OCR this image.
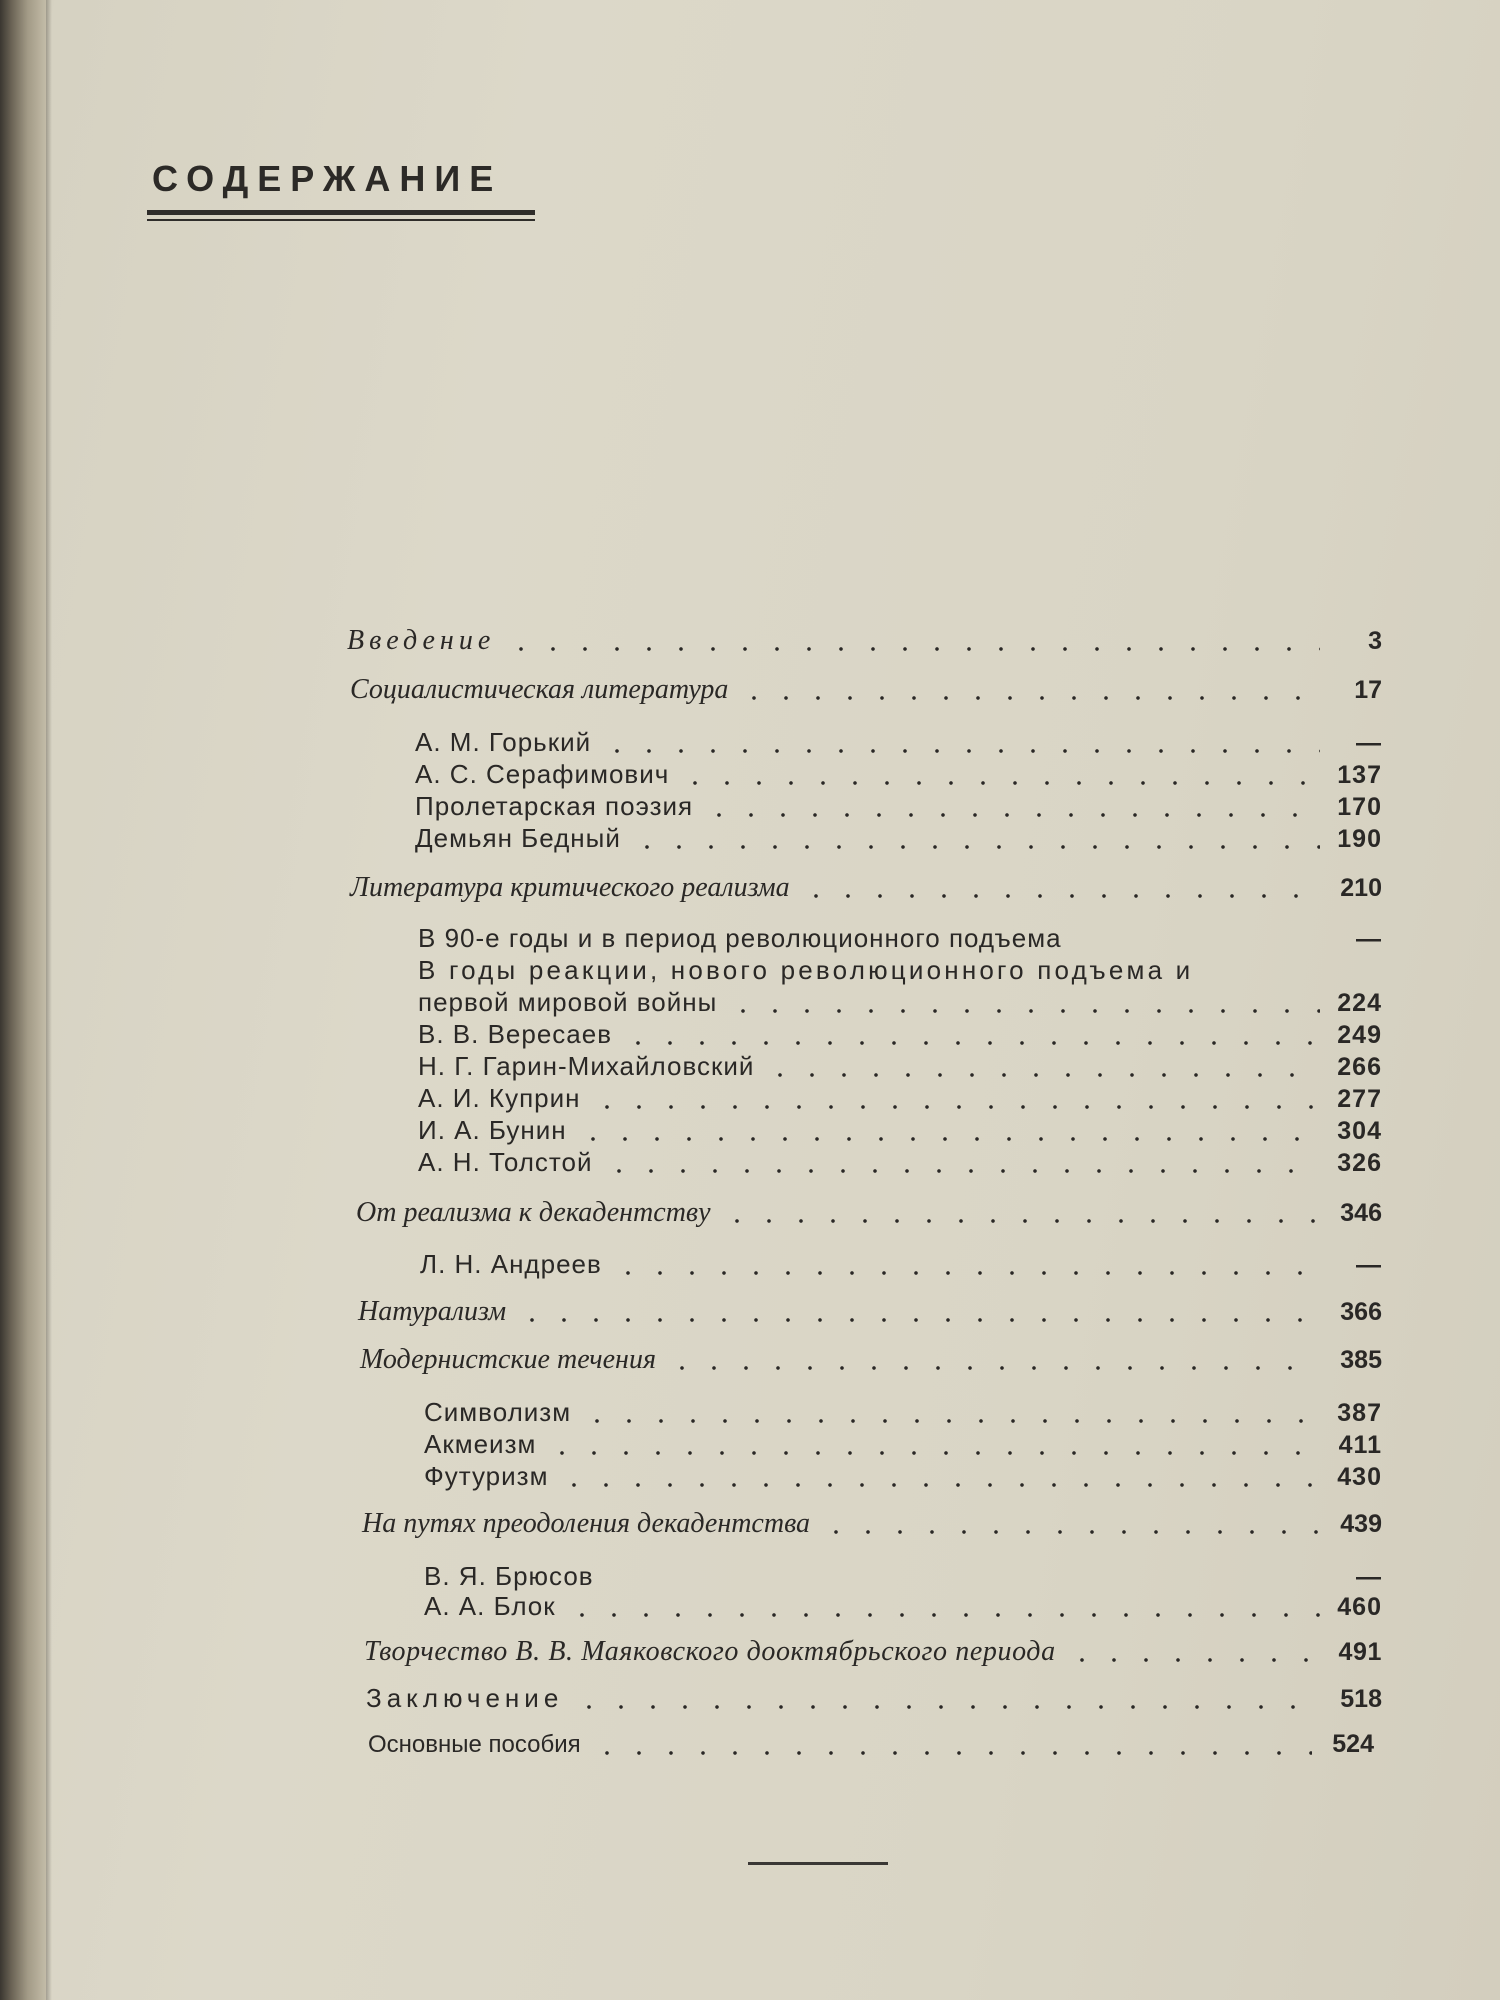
СОДЕРЖАНИЕ
Введение	3
Социалистическая литература	17
А. М. Горький	—
А. С. Серафимович	137
Пролетарская поэзия	170
Демьян Бедный	190
Литература критического реализма	210
В 90-е годы и в период революционного подъема	—
В годы реакции, нового революционного подъема и
первой мировой войны	224
В. В. Вересаев	249
Н. Г. Гарин-Михайловский	266
А. И. Куприн	277
И. А. Бунин	304
А. Н. Толстой	326
От реализма к декадентству	346
Л. Н. Андреев	—
Натурализм	366
Модернистские течения	385
Символизм	387
Акмеизм	411
Футуризм	430
На путях преодоления декадентства	439
В. Я. Брюсов	—
А. А. Блок	460
Творчество В. В. Маяковского дооктябрьского периода	491
Заключение	518
Основные пособия	524
